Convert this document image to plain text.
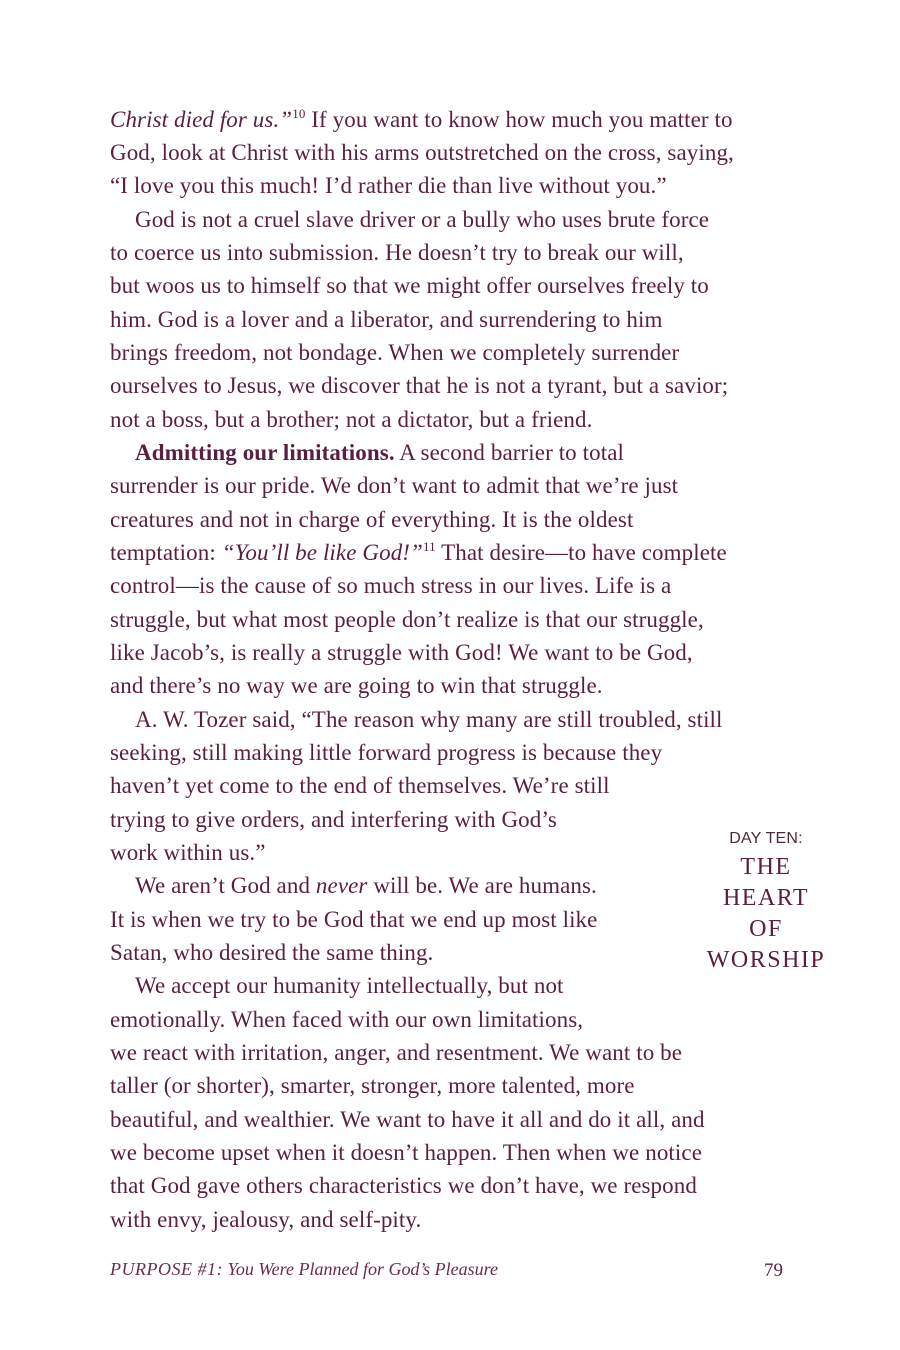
Christ died for us.”$^{10}$ If you want to know how much you matter to
God, look at Christ with his arms outstretched on the cross, saying,
“I love you this much! I’d rather die than live without you.”
God is not a cruel slave driver or a bully who uses brute force
to coerce us into submission. He doesn’t try to break our will,
but woos us to himself so that we might offer ourselves freely to
him. God is a lover and a liberator, and surrendering to him
brings freedom, not bondage. When we completely surrender
ourselves to Jesus, we discover that he is not a tyrant, but a savior;
not a boss, but a brother; not a dictator, but a friend.
Admitting our limitations. A second barrier to total
surrender is our pride. We don’t want to admit that we’re just
creatures and not in charge of everything. It is the oldest
temptation: “You’ll be like God!”$^{11}$ That desire—to have complete
control—is the cause of so much stress in our lives. Life is a
struggle, but what most people don’t realize is that our struggle,
like Jacob’s, is really a struggle with God! We want to be God,
and there’s no way we are going to win that struggle.
A. W. Tozer said, “The reason why many are still troubled, still
seeking, still making little forward progress is because they
haven’t yet come to the end of themselves. We’re still
trying to give orders, and interfering with God’s
work within us.”
We aren’t God and never will be. We are humans.
It is when we try to be God that we end up most like
Satan, who desired the same thing.
We accept our humanity intellectually, but not
emotionally. When faced with our own limitations,
we react with irritation, anger, and resentment. We want to be
taller (or shorter), smarter, stronger, more talented, more
beautiful, and wealthier. We want to have it all and do it all, and
we become upset when it doesn’t happen. Then when we notice
that God gave others characteristics we don’t have, we respond
with envy, jealousy, and self-pity.
DAY TEN:
THE
HEART
OF
WORSHIP
PURPOSE #1: You Were Planned for God’s Pleasure	79
